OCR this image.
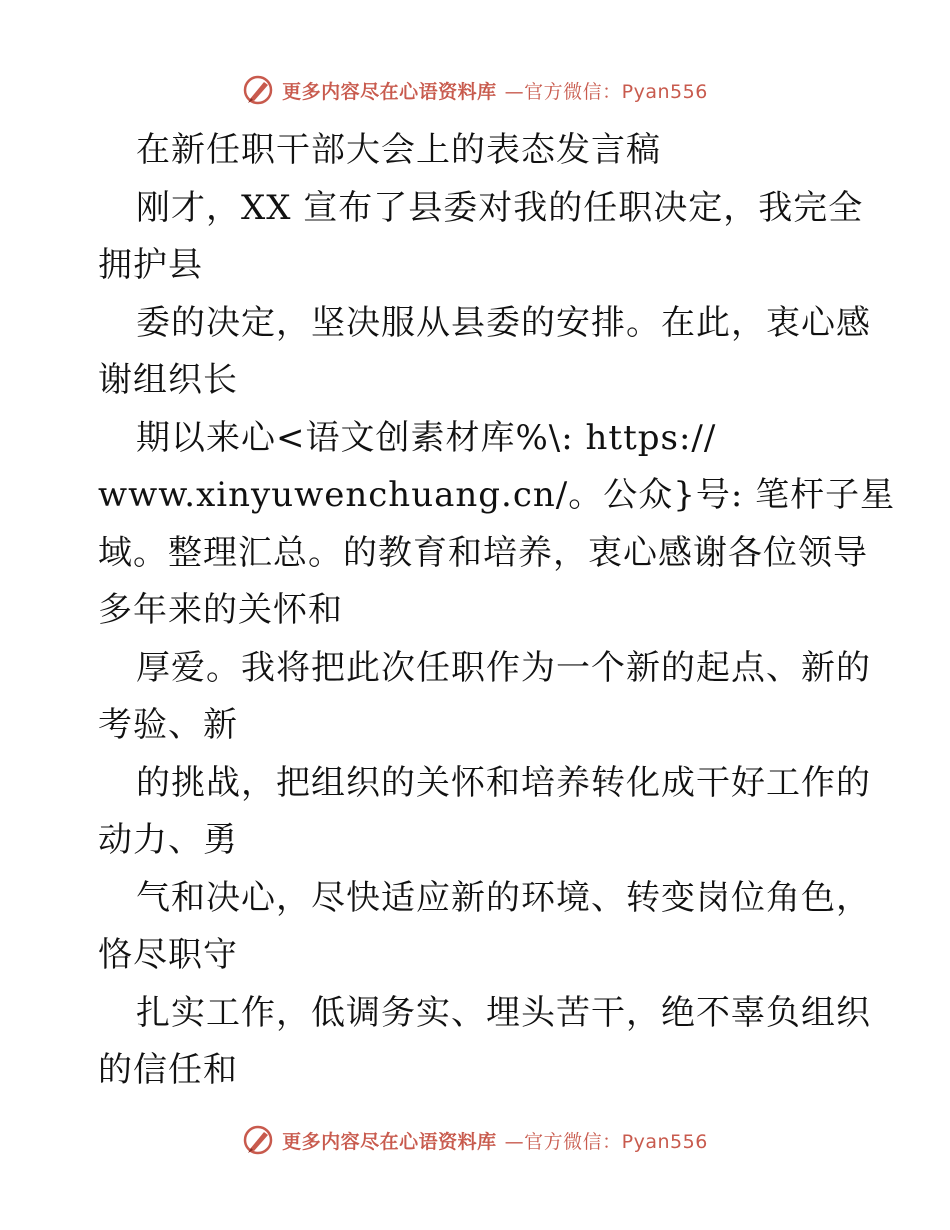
更多内容尽在心语资料库 —官方微信：Pyan556
在新任职干部大会上的表态发言稿
刚才，XX 宣布了县委对我的任职决定，我完全
拥护县
委的决定，坚决服从县委的安排。在此，衷心感
谢组织长
期以来心<语文创素材库%\: https://
www.xinyuwenchuang.cn/。公众}号: 笔杆子星
域。整理汇总。的教育和培养，衷心感谢各位领导
多年来的关怀和
厚爱。我将把此次任职作为一个新的起点、新的
考验、新
的挑战，把组织的关怀和培养转化成干好工作的
动力、勇
气和决心，尽快适应新的环境、转变岗位角色，
恪尽职守
扎实工作，低调务实、埋头苦干，绝不辜负组织
的信任和
更多内容尽在心语资料库 —官方微信：Pyan556
